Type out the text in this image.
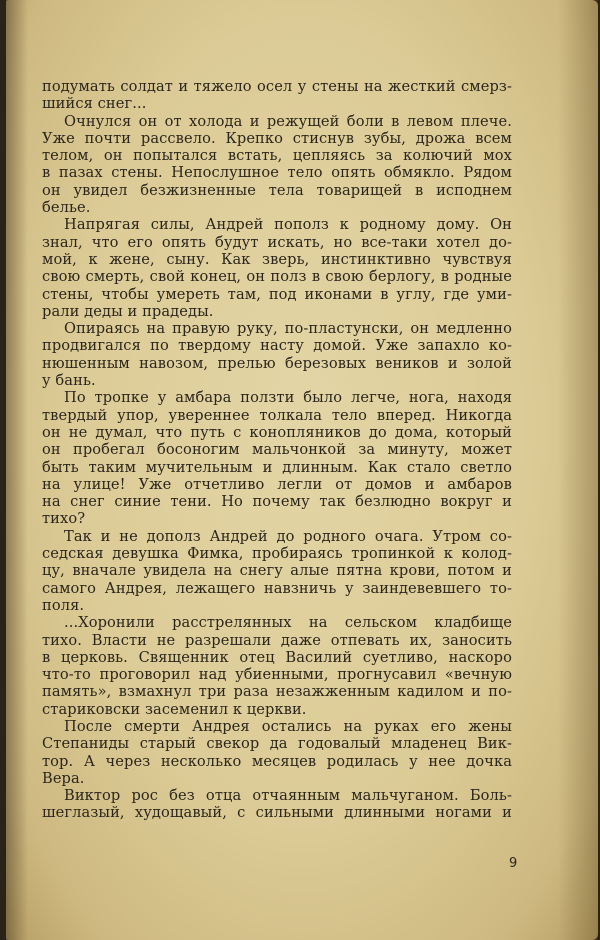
подумать солдат и тяжело осел у стены на жесткий смерз-
шийся снег...
Очнулся он от холода и режущей боли в левом плече.
Уже почти рассвело. Крепко стиснув зубы, дрожа всем
телом, он попытался встать, цепляясь за колючий мох
в пазах стены. Непослушное тело опять обмякло. Рядом
он увидел безжизненные тела товарищей в исподнем
белье.
Напрягая силы, Андрей пополз к родному дому. Он
знал, что его опять будут искать, но все-таки хотел до-
мой, к жене, сыну. Как зверь, инстинктивно чувствуя
свою смерть, свой конец, он полз в свою берлогу, в родные
стены, чтобы умереть там, под иконами в углу, где уми-
рали деды и прадеды.
Опираясь на правую руку, по-пластунски, он медленно
продвигался по твердому насту домой. Уже запахло ко-
нюшенным навозом, прелью березовых веников и золой
у бань.
По тропке у амбара ползти было легче, нога, находя
твердый упор, увереннее толкала тело вперед. Никогда
он не думал, что путь с конопляников до дома, который
он пробегал босоногим мальчонкой за минуту, может
быть таким мучительным и длинным. Как стало светло
на улице! Уже отчетливо легли от домов и амбаров
на снег синие тени. Но почему так безлюдно вокруг и
тихо?
Так и не дополз Андрей до родного очага. Утром со-
седская девушка Фимка, пробираясь тропинкой к колод-
цу, вначале увидела на снегу алые пятна крови, потом и
самого Андрея, лежащего навзничь у заиндевевшего то-
поля.
...Хоронили расстрелянных на сельском кладбище
тихо. Власти не разрешали даже отпевать их, заносить
в церковь. Священник отец Василий суетливо, наскоро
что-то проговорил над убиенными, прогнусавил «вечную
память», взмахнул три раза незажженным кадилом и по-
стариковски засеменил к церкви.
После смерти Андрея остались на руках его жены
Степаниды старый свекор да годовалый младенец Вик-
тор. А через несколько месяцев родилась у нее дочка
Вера.
Виктор рос без отца отчаянным мальчуганом. Боль-
шеглазый, худощавый, с сильными длинными ногами и
9
